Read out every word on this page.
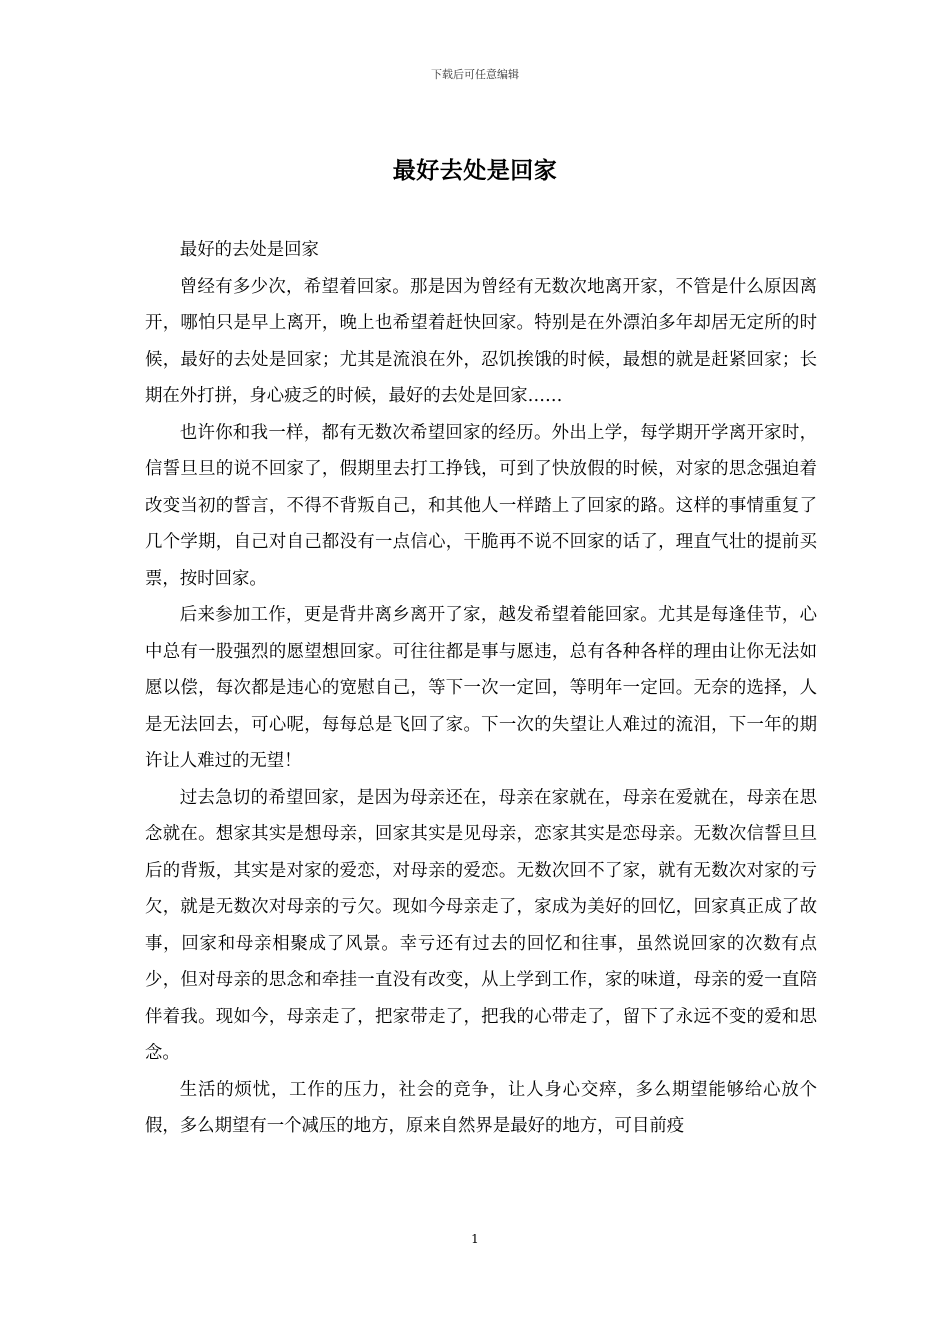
下载后可任意编辑
最好去处是回家

最好的去处是回家

曾经有多少次，希望着回家。那是因为曾经有无数次地离开家，不管是什么原因离开，哪怕只是早上离开，晚上也希望着赶快回家。特别是在外漂泊多年却居无定所的时候，最好的去处是回家；尤其是流浪在外，忍饥挨饿的时候，最想的就是赶紧回家；长期在外打拼，身心疲乏的时候，最好的去处是回家……

也许你和我一样，都有无数次希望回家的经历。外出上学，每学期开学离开家时，信誓旦旦的说不回家了，假期里去打工挣钱，可到了快放假的时候，对家的思念强迫着改变当初的誓言，不得不背叛自己，和其他人一样踏上了回家的路。这样的事情重复了几个学期，自己对自己都没有一点信心，干脆再不说不回家的话了，理直气壮的提前买票，按时回家。

后来参加工作，更是背井离乡离开了家，越发希望着能回家。尤其是每逢佳节，心中总有一股强烈的愿望想回家。可往往都是事与愿违，总有各种各样的理由让你无法如愿以偿，每次都是违心的宽慰自己，等下一次一定回，等明年一定回。无奈的选择，人是无法回去，可心呢，每每总是飞回了家。下一次的失望让人难过的流泪，下一年的期许让人难过的无望！

过去急切的希望回家，是因为母亲还在，母亲在家就在，母亲在爱就在，母亲在思念就在。想家其实是想母亲，回家其实是见母亲，恋家其实是恋母亲。无数次信誓旦旦后的背叛，其实是对家的爱恋，对母亲的爱恋。无数次回不了家，就有无数次对家的亏欠，就是无数次对母亲的亏欠。现如今母亲走了，家成为美好的回忆，回家真正成了故事，回家和母亲相聚成了风景。幸亏还有过去的回忆和往事，虽然说回家的次数有点少，但对母亲的思念和牵挂一直没有改变，从上学到工作，家的味道，母亲的爱一直陪伴着我。现如今，母亲走了，把家带走了，把我的心带走了，留下了永远不变的爱和思念。

生活的烦忧，工作的压力，社会的竞争，让人身心交瘁，多么期望能够给心放个假，多么期望有一个减压的地方，原来自然界是最好的地方，可目前疫

1
